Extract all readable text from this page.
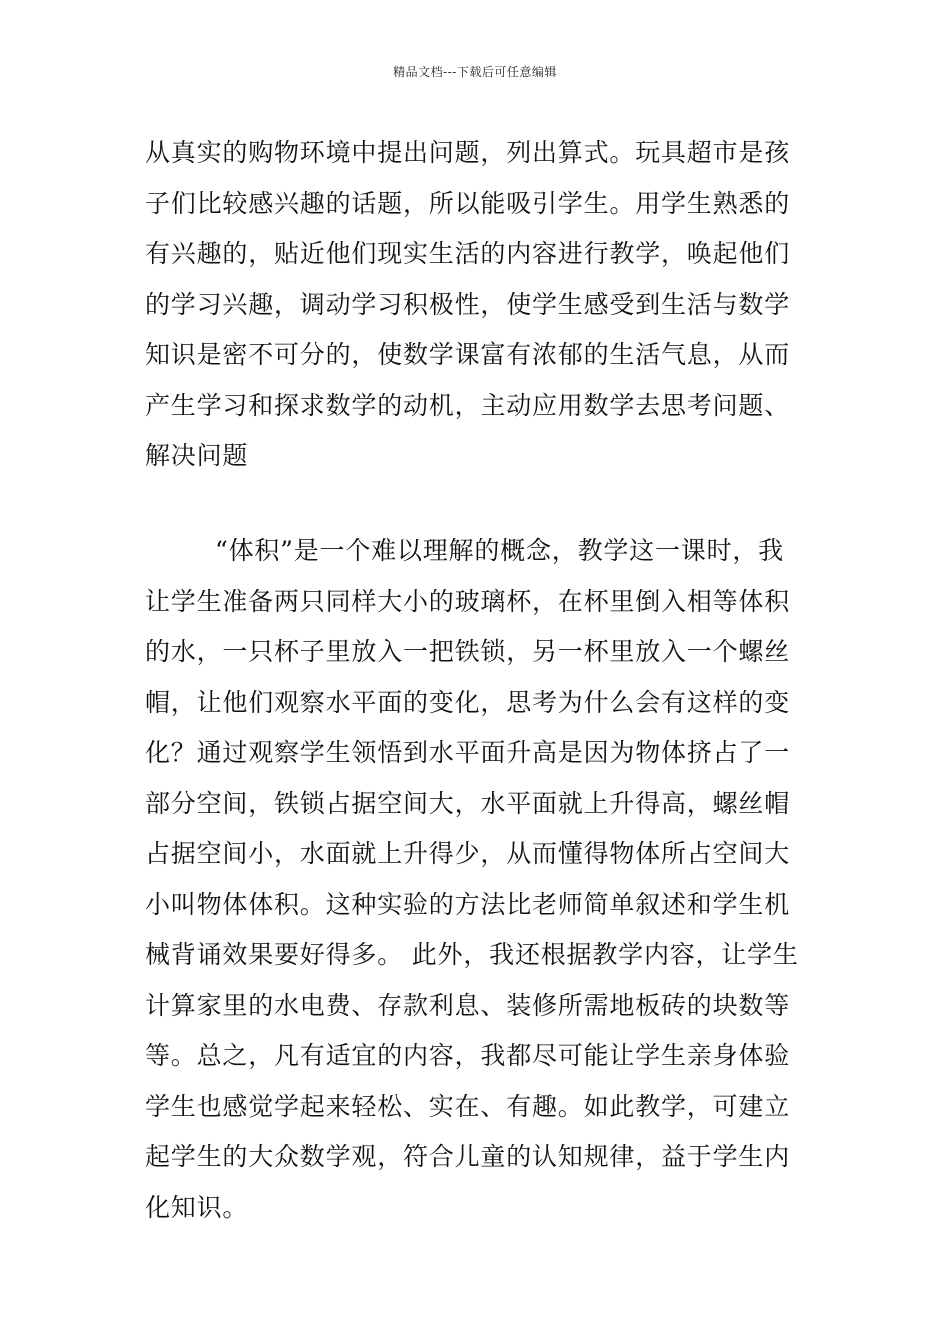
精品文档---下载后可任意编辑
从真实的购物环境中提出问题，列出算式。玩具超市是孩
子们比较感兴趣的话题，所以能吸引学生。用学生熟悉的
有兴趣的，贴近他们现实生活的内容进行教学，唤起他们
的学习兴趣，调动学习积极性，使学生感受到生活与数学
知识是密不可分的，使数学课富有浓郁的生活气息，从而
产生学习和探求数学的动机，主动应用数学去思考问题、
解决问题
“体积”是一个难以理解的概念，教学这一课时，我
让学生准备两只同样大小的玻璃杯，在杯里倒入相等体积
的水，一只杯子里放入一把铁锁，另一杯里放入一个螺丝
帽，让他们观察水平面的变化，思考为什么会有这样的变
化？通过观察学生领悟到水平面升高是因为物体挤占了一
部分空间，铁锁占据空间大，水平面就上升得高，螺丝帽
占据空间小，水面就上升得少，从而懂得物体所占空间大
小叫物体体积。这种实验的方法比老师简单叙述和学生机
械背诵效果要好得多。 此外，我还根据教学内容，让学生
计算家里的水电费、存款利息、装修所需地板砖的块数等
等。总之，凡有适宜的内容，我都尽可能让学生亲身体验
学生也感觉学起来轻松、实在、有趣。如此教学，可建立
起学生的大众数学观，符合儿童的认知规律，益于学生内
化知识。
